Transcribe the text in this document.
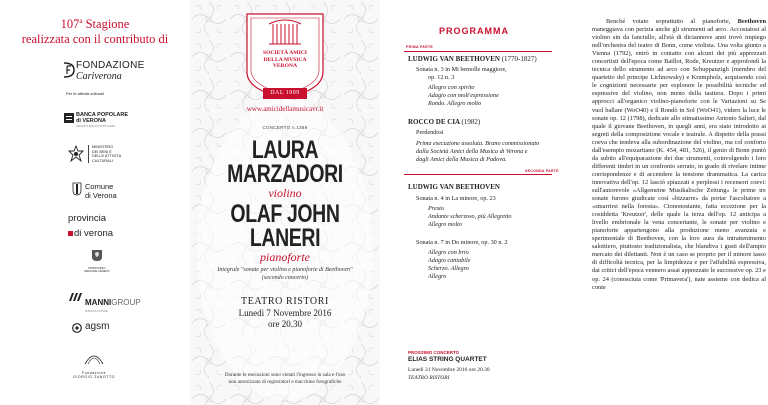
107$^a$ Stagione
realizzata con il contributo di
FONDAZIONE
Cariverona
Per le attività culturali
BANCA POPOLARE
di VERONA
GRUPPO BANCO POPOLARE
MINISTERO
DEI BENI E
DELLE ATTIVITÀ
CULTURALI
Comune
di Verona
provincia
di verona
PATROCINIO
REGIONE VENETO
MANNIGROUP
BUILDING FUTURE
agsm
Fondazione
GIORGIO ZANOTTO
SOCIETÀ AMICI
DELLA MVSICA
VERONA
DAL 1909
www.amicidellamusicavr.it
CONCERTO n.1369
LAURA
MARZADORI
violino
OLAF JOHN
LANERI
pianoforte
Integrale "sonate per violino e pianoforte di Beethoven"
(secondo concerto)
TEATRO RISTORI
Lunedì 7 Novembre 2016
ore 20.30
Durante le esecuzioni sono vietati l'ingresso in sala e l'uso
non autorizzato di registratori e macchine fotografiche
PROGRAMMA
PRIMA PARTE
LUDWIG VAN BEETHOVEN (1770-1827)
Sonata n. 3 in Mi bemolle maggiore,
op. 12 n. 3
Allegro con spirito
Adagio con molt'espressione
Rondo. Allegro molto
ROCCO DE CIA (1982)
Perdendosi
Prima esecuzione assoluta. Brano commissionato
dalla Società Amici della Musica di Verona e
dagli Amici della Musica di Padova.
SECONDA PARTE
LUDWIG VAN BEETHOVEN
Sonata n. 4 in La minore, op. 23
Presto
Andante scherzoso, più Allegretto
Allegro molto
Sonata n. 7 in Do minore, op. 30 n. 2
Allegro con brio
Adagio cantabile
Scherzo. Allegro
Allegro
PROSSIMO CONCERTO
ELIAS STRING QUARTET
Lunedì 21 Novembre 2016 ore 20.30
TEATRO RISTORI

Benché votato soprattutto al pianoforte, Beethoven maneggiava con perizia anche gli strumenti ad arco. Accostatosi al violino sin da fanciullo, all'età di diciannove anni trovò impiego nell'orchestra del teatro di Bonn, come violista. Una volta giunto a Vienna (1792), entrò in contatto con alcuni dei più apprezzati concertisti dell'epoca come Baillot, Rode, Kreutzer e approfondì la tecnica dello strumento ad arco con Schuppanzigh (membro del quartetto del principe Lichnowsky) e Krumpholz, acquisendo così le cognizioni necessarie per esplorare le possibilità tecniche ed espressive del violino, non meno della tastiera. Dopo i primi approcci all'organico violino-pianoforte con le Variazioni su Se vuol ballare (WoO40) e il Rondò in Sol (WoO41), videro la luce le sonate op. 12 (1798), dedicate allo stimatissimo Antonio Salieri, dal quale il giovane Beethoven, in quegli anni, era stato introdotto ai segreti della composizione vocale e teatrale. A dispetto della prassi coeva che tendeva alla subordinazione del violino, ma col conforto dall'esempio mozartiano (K. 454, 481, 526), il genio di Bonn puntò da subito all'equiparazione dei due strumenti, coinvolgendo i loro differenti timbri in un confronto serrato, in grado di rivelare intime corrispondenze e di accendere la tensione drammatica. La carica innovativa dell'op. 12 lasciò spiazzati e perplessi i recensori coevi: sull'autorevole «Allgemeine Musikalische Zeitung» le prime tre sonate furono giudicate così «bizzarre» da portar l'ascoltatore a «smarrirsi nella foresta». Ciononostante, fatta eccezione per la cosiddetta 'Kreutzer', delle quale la terza dell'op. 12 anticipa a livello embrionale la vena concertante, le sonate per violino e pianoforte appartengono alla produzione meno avanzata e sperimentale di Beethoven, con la loro aura da intrattenimento salottiero, piuttosto tradizionalista, che blandiva i gusti dell'ampio mercato dei dilettanti. Non è un caso se proprio per il minore tasso di difficoltà tecnica, per la limpidezza e per l'affabilità espressiva, dai critici dell'epoca vennero assai apprezzate le successive op. 23 e op. 24 (conosciuta come 'Primavera'), nate assieme con dedica al conte
